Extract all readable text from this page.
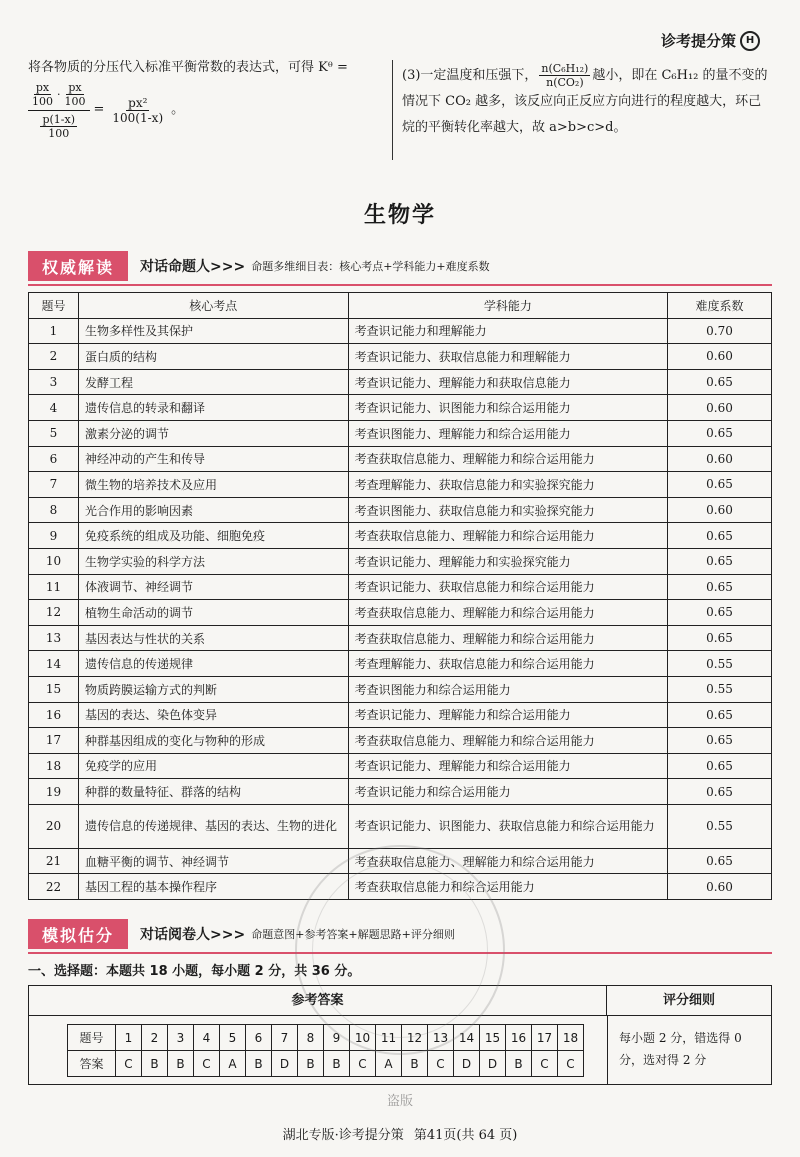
诊考提分策 H
将各物质的分压代入标准平衡常数的表达式，可得 Kᶿ =
$\frac{\frac{px}{100} \cdot \frac{px}{100}}{\frac{p(1-x)}{100}} = \frac{\text{px²}}{100(1-x)}$ 。
(3)一定温度和压强下， $\frac{\text{n(C₆H₁₂)}}{\text{n(CO₂)}}$ 越小，即在 C₆H₁₂ 的量不变的情况下 CO₂ 越多，该反应向正反应方向进行的程度越大，环己烷的平衡转化率越大，故 a>b>c>d。
生物学
权威解读	对话命题人>>> 命题多维细目表：核心考点+学科能力+难度系数
题号	核心考点	学科能力	难度系数
1	生物多样性及其保护	考查识记能力和理解能力	0.70
2	蛋白质的结构	考查识记能力、获取信息能力和理解能力	0.60
3	发酵工程	考查识记能力、理解能力和获取信息能力	0.65
4	遗传信息的转录和翻译	考查识记能力、识图能力和综合运用能力	0.60
5	激素分泌的调节	考查识图能力、理解能力和综合运用能力	0.65
6	神经冲动的产生和传导	考查获取信息能力、理解能力和综合运用能力	0.60
7	微生物的培养技术及应用	考查理解能力、获取信息能力和实验探究能力	0.65
8	光合作用的影响因素	考查识图能力、获取信息能力和实验探究能力	0.60
9	免疫系统的组成及功能、细胞免疫	考查获取信息能力、理解能力和综合运用能力	0.65
10	生物学实验的科学方法	考查识记能力、理解能力和实验探究能力	0.65
11	体液调节、神经调节	考查识记能力、获取信息能力和综合运用能力	0.65
12	植物生命活动的调节	考查获取信息能力、理解能力和综合运用能力	0.65
13	基因表达与性状的关系	考查获取信息能力、理解能力和综合运用能力	0.65
14	遗传信息的传递规律	考查理解能力、获取信息能力和综合运用能力	0.55
15	物质跨膜运输方式的判断	考查识图能力和综合运用能力	0.55
16	基因的表达、染色体变异	考查识记能力、理解能力和综合运用能力	0.65
17	种群基因组成的变化与物种的形成	考查获取信息能力、理解能力和综合运用能力	0.65
18	免疫学的应用	考查识记能力、理解能力和综合运用能力	0.65
19	种群的数量特征、群落的结构	考查识记能力和综合运用能力	0.65
20	遗传信息的传递规律、基因的表达、生物的进化	考查识记能力、识图能力、获取信息能力和综合运用能力	0.55
21	血糖平衡的调节、神经调节	考查获取信息能力、理解能力和综合运用能力	0.65
22	基因工程的基本操作程序	考查获取信息能力和综合运用能力	0.60
模拟估分	对话阅卷人>>> 命题意图+参考答案+解题思路+评分细则
一、选择题：本题共 18 小题，每小题 2 分，共 36 分。
参考答案	评分细则
题号	1	2	3	4	5	6	7	8	9	10	11	12	13	14	15	16	17	18
答案	C	B	B	C	A	B	D	B	B	C	A	B	C	D	D	B	C	C
每小题 2 分，错选得 0 分，选对得 2 分
盗版
湖北专版·诊考提分策 第41页(共 64 页)
